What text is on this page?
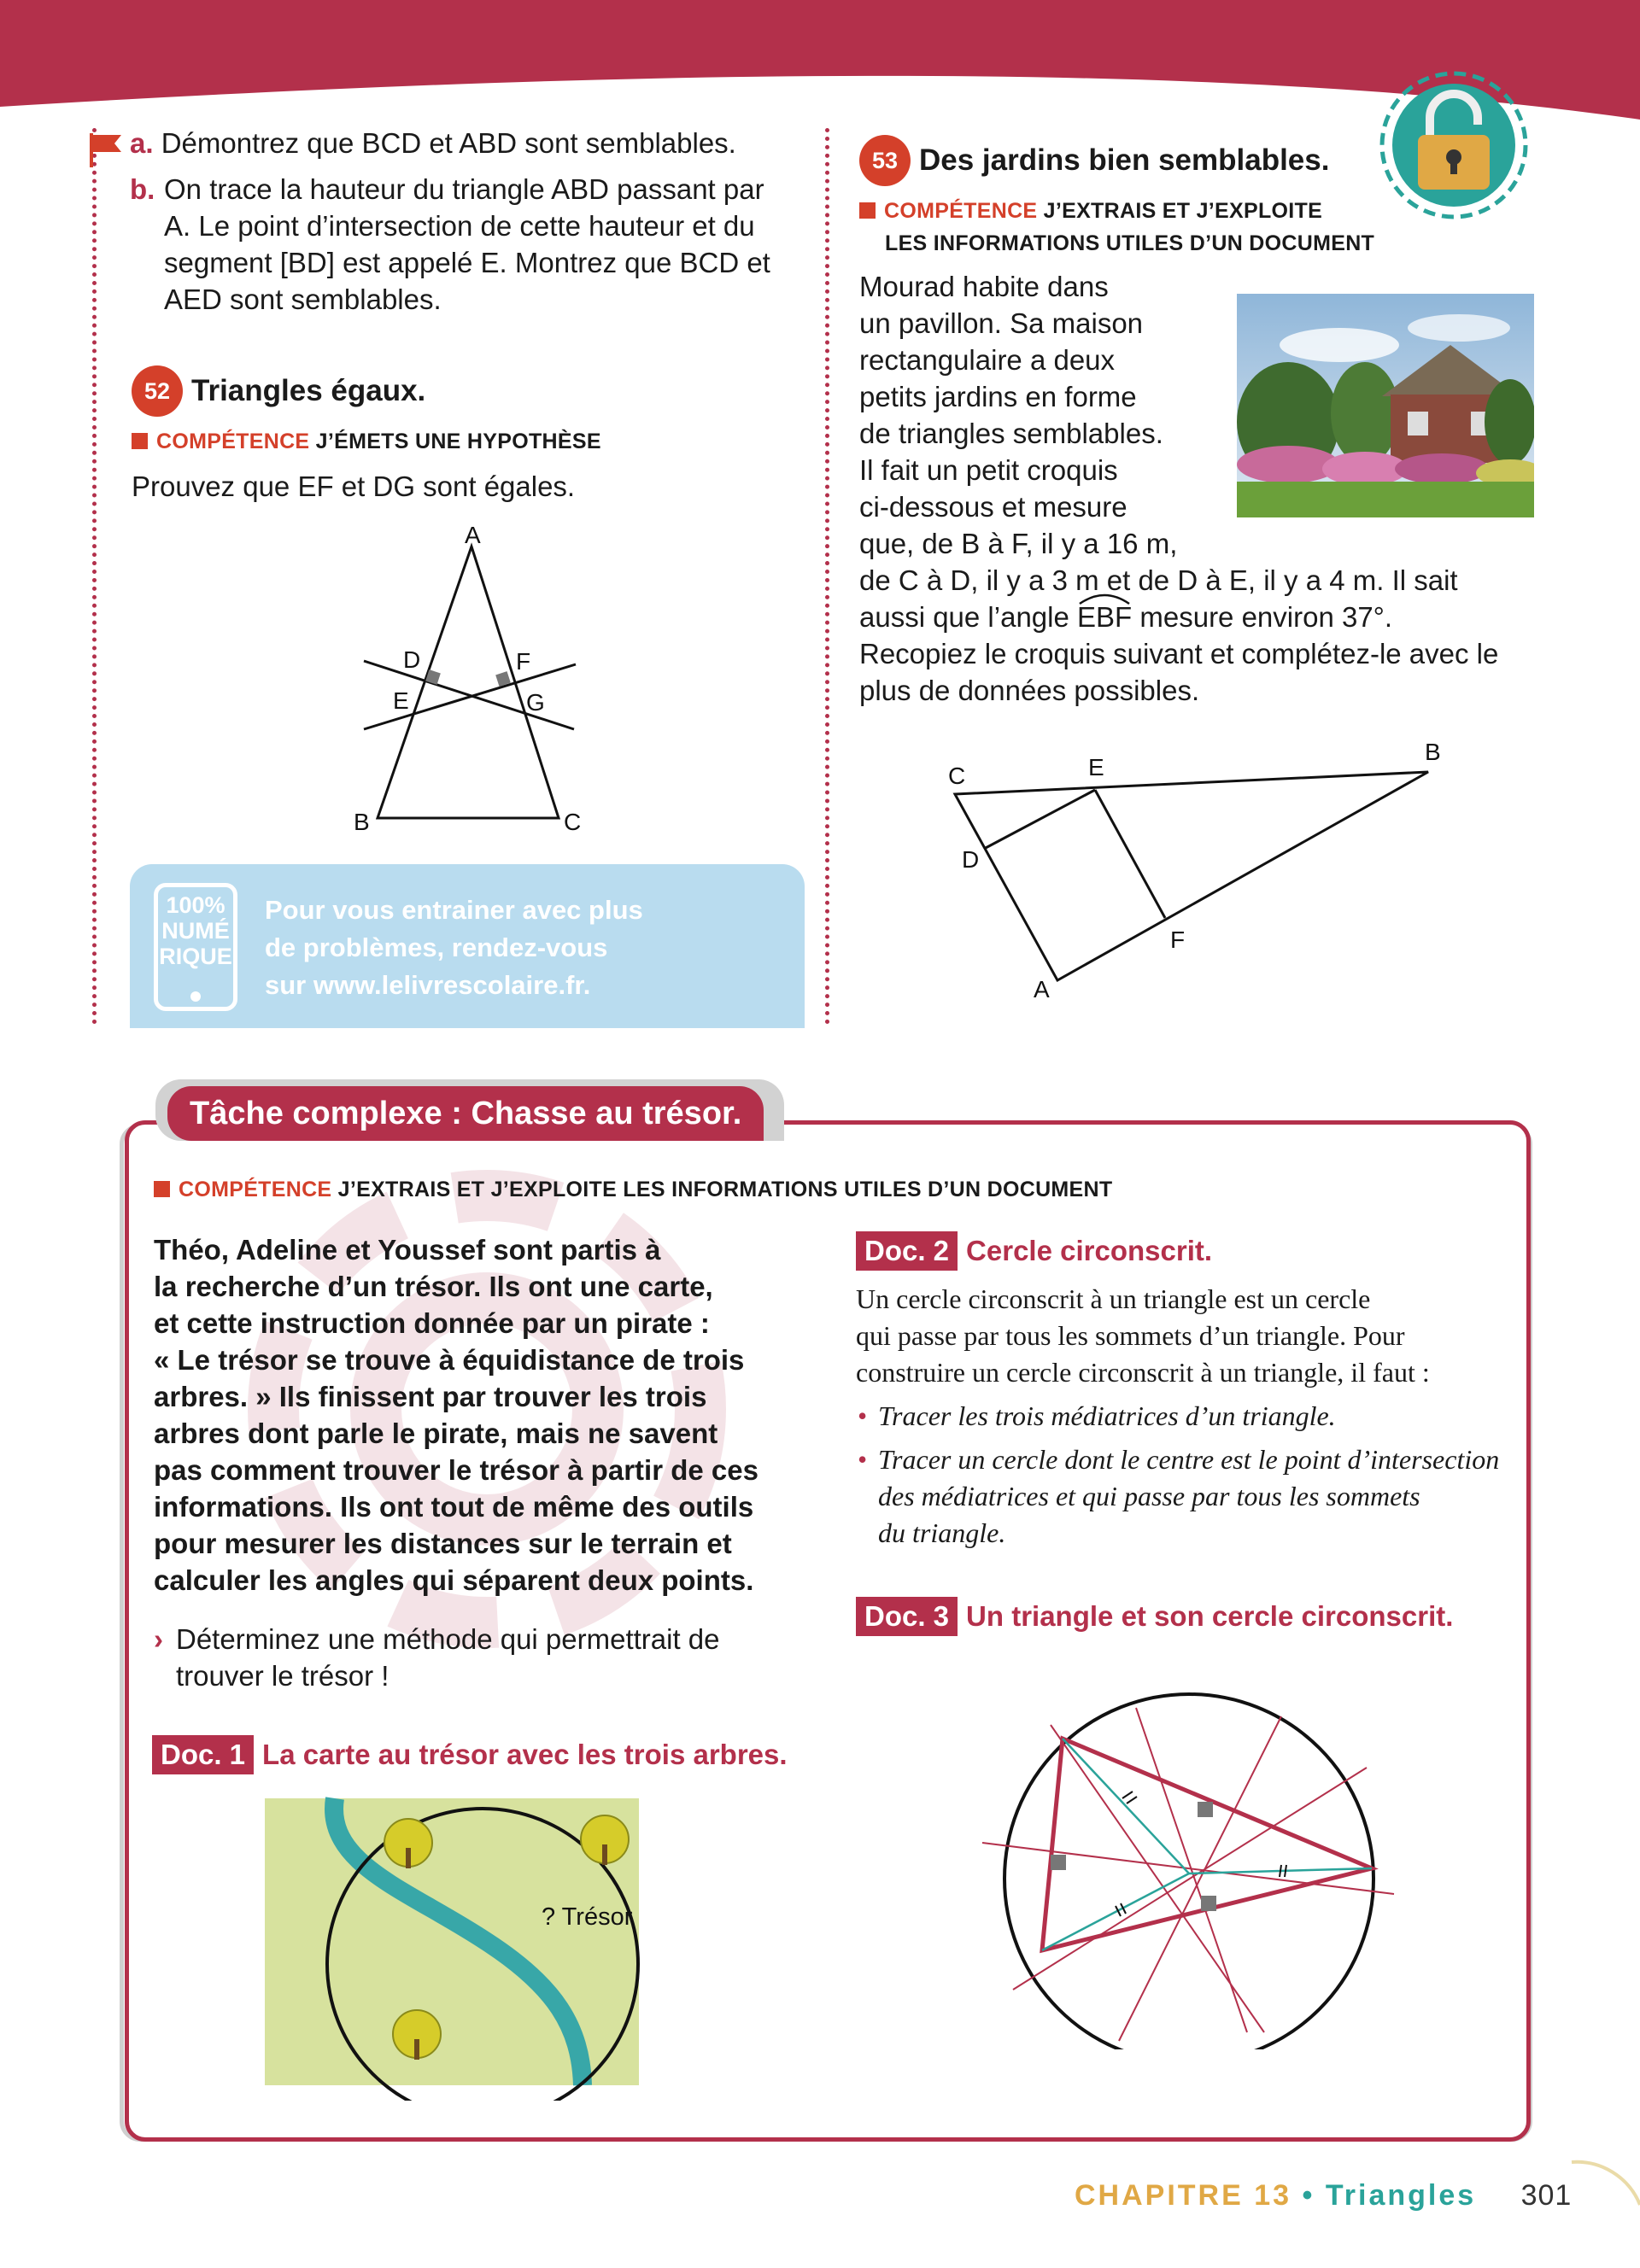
a. Démontrez que BCD et ABD sont semblables.
b. On trace la hauteur du triangle ABD passant par
A. Le point d’intersection de cette hauteur et du
segment [BD] est appelé E. Montrez que BCD et
AED sont semblables.
52 Triangles égaux.
COMPÉTENCE J’ÉMETS UNE HYPOTHÈSE
Prouvez que EF et DG sont égales.
A
B	C
D
E
F
G
100%
NUMÉ
RIQUE
Pour vous entrainer avec plus
de problèmes, rendez-vous
sur www.lelivrescolaire.fr.
53 Des jardins bien semblables.
COMPÉTENCE J’EXTRAIS ET J’EXPLOITE
LES INFORMATIONS UTILES D’UN DOCUMENT
Mourad habite dans
un pavillon. Sa maison
rectangulaire a deux
petits jardins en forme
de triangles semblables.
Il fait un petit croquis
ci-dessous et mesure
que, de B à F, il y a 16 m,
de C à D, il y a 3 m et de D à E, il y a 4 m. Il sait
aussi que l’angle
EBF mesure environ 37°.
Recopiez le croquis suivant et complétez-le avec le
plus de données possibles.
C	E
B
D
F
A
Tâche complexe : Chasse au trésor.
COMPÉTENCE J’EXTRAIS ET J’EXPLOITE LES INFORMATIONS UTILES D’UN DOCUMENT
Théo, Adeline et Youssef sont partis à
la recherche d’un trésor. Ils ont une carte,
et cette instruction donnée par un pirate :
« Le trésor se trouve à équidistance de trois
arbres. » Ils finissent par trouver les trois
arbres dont parle le pirate, mais ne savent
pas comment trouver le trésor à partir de ces
informations. Ils ont tout de même des outils
pour mesurer les distances sur le terrain et
calculer les angles qui séparent deux points.
› Déterminez une méthode qui permettrait de
trouver le trésor !
Doc. 1 La carte au trésor avec les trois arbres.
? Trésor
Doc. 2 Cercle circonscrit.
Un cercle circonscrit à un triangle est un cercle
qui passe par tous les sommets d’un triangle. Pour
construire un cercle circonscrit à un triangle, il faut :
• Tracer les trois médiatrices d’un triangle.
• Tracer un cercle dont le centre est le point d’intersection
des médiatrices et qui passe par tous les sommets
du triangle.
Doc. 3 Un triangle et son cercle circonscrit.
CHAPITRE 13 • Triangles 301
